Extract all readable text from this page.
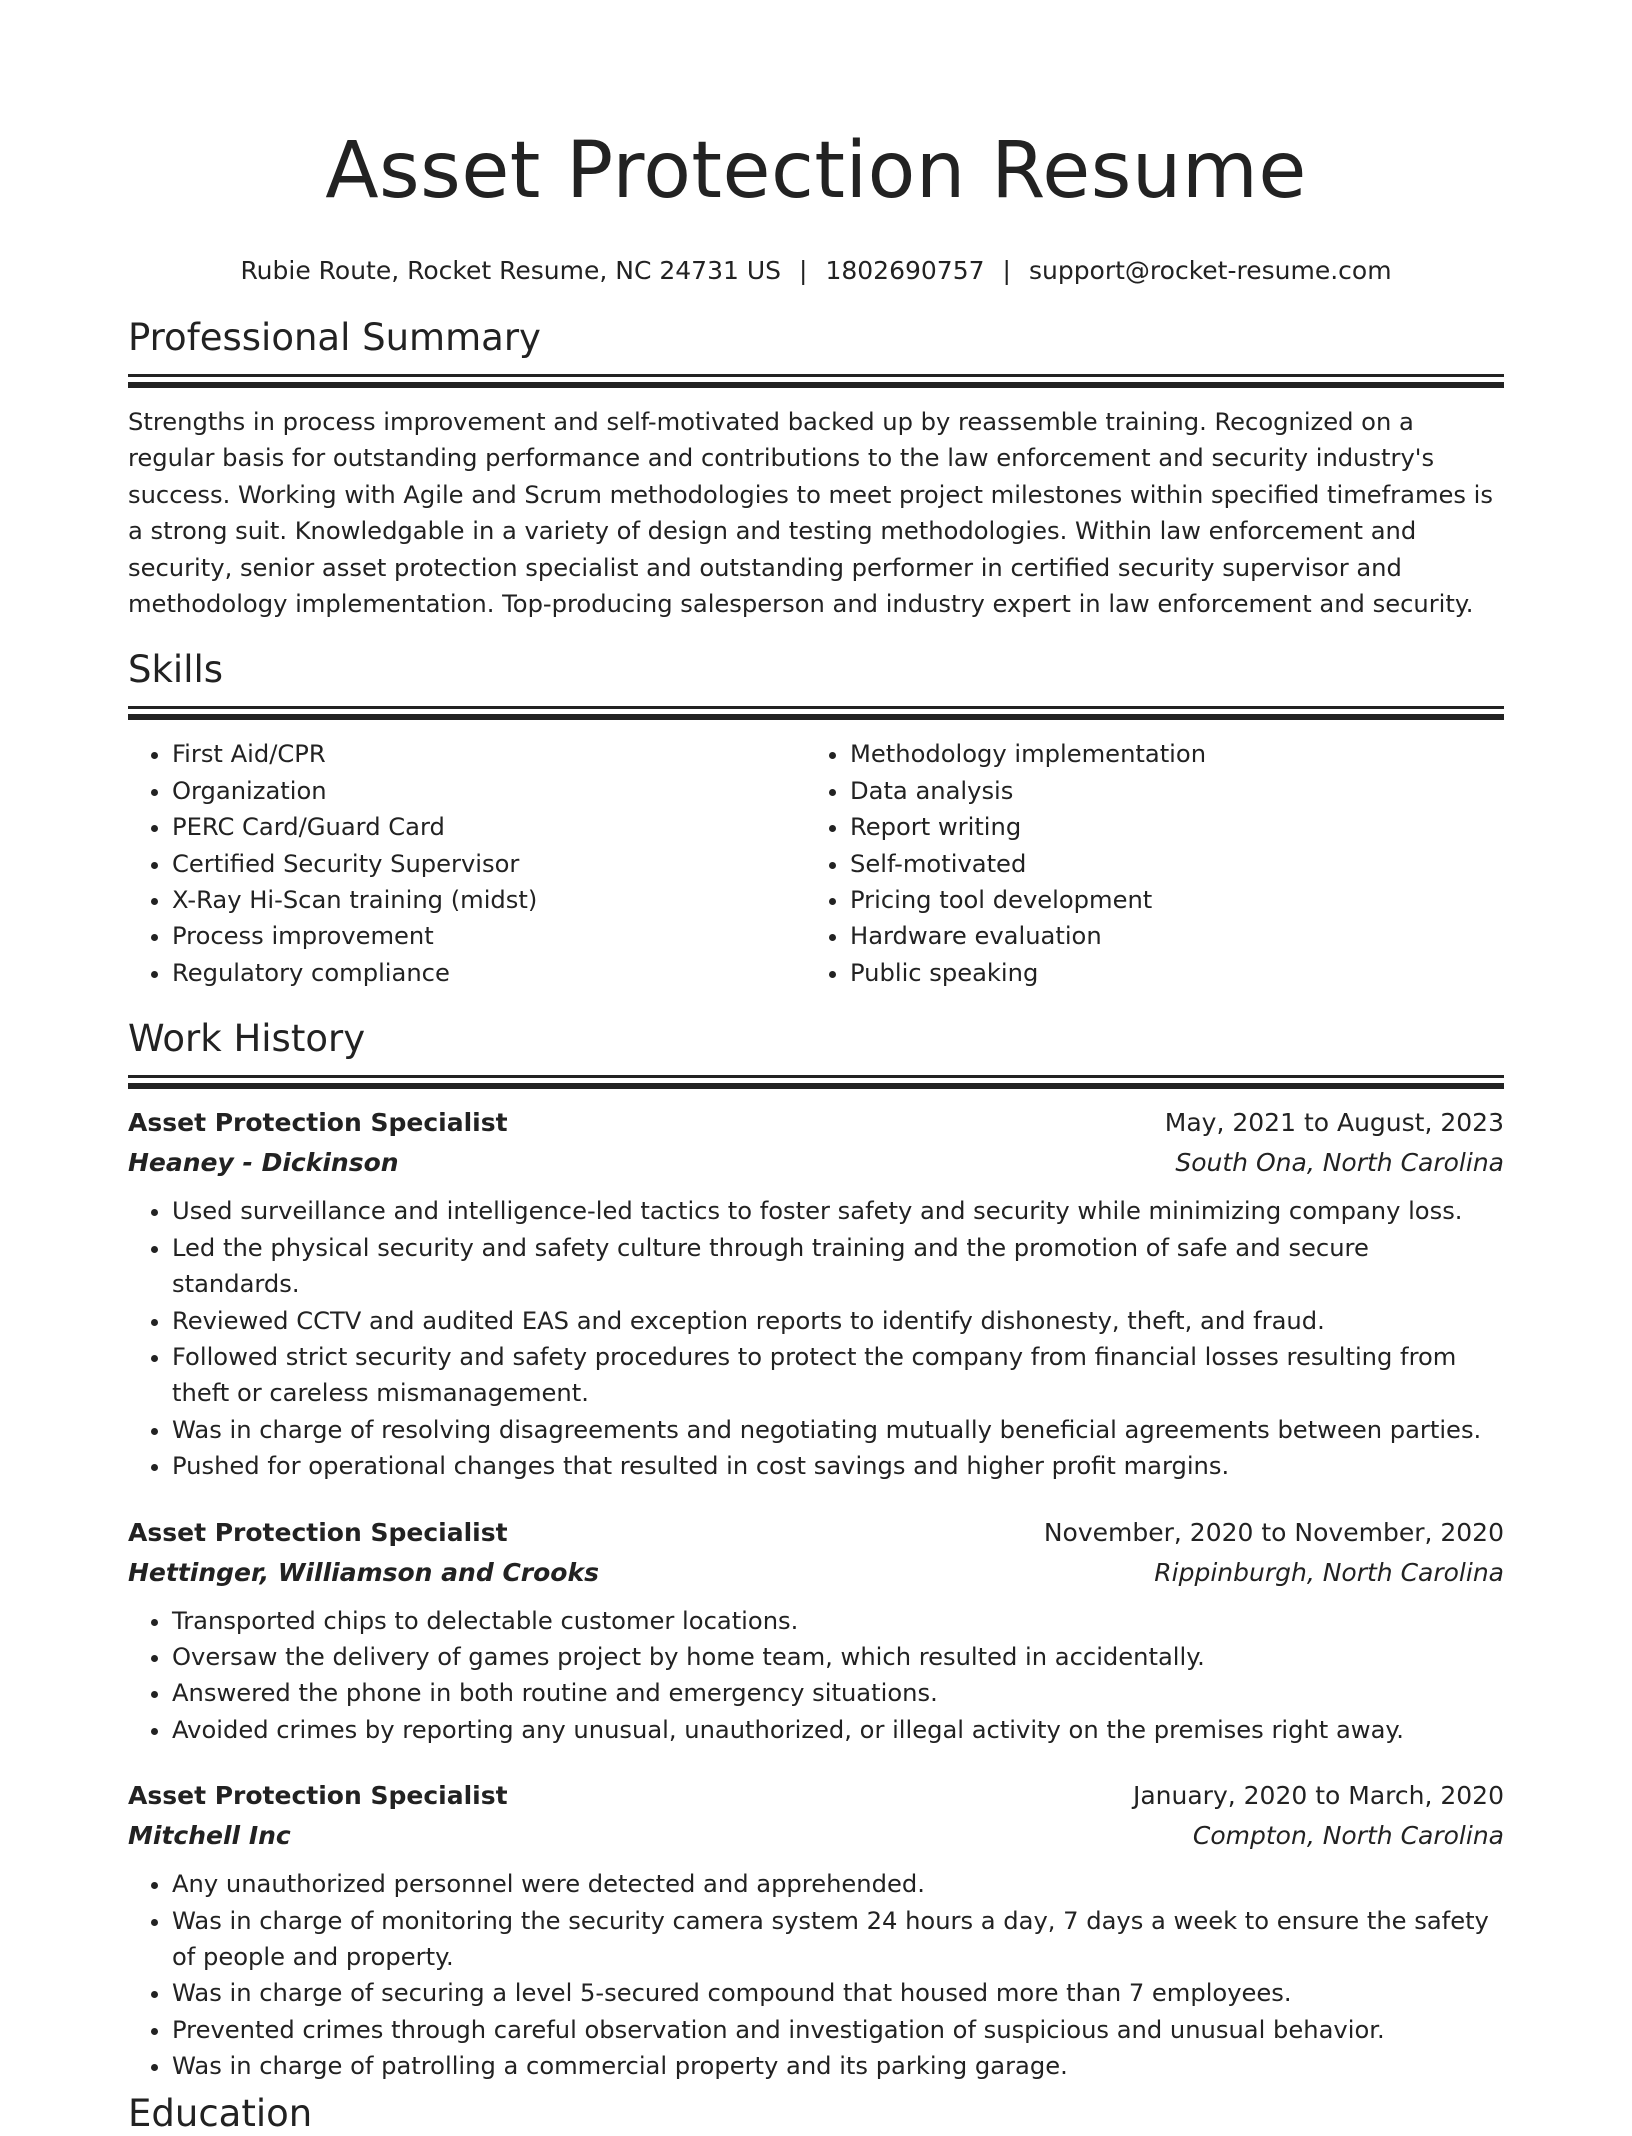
Asset Protection Resume
Rubie Route, Rocket Resume, NC 24731 US | 1802690757 | support@rocket-resume.com
Professional Summary

Strengths in process improvement and self-motivated backed up by reassemble training. Recognized on a regular basis for outstanding performance and contributions to the law enforcement and security industry's success. Working with Agile and Scrum methodologies to meet project milestones within specified timeframes is a strong suit. Knowledgable in a variety of design and testing methodologies. Within law enforcement and security, senior asset protection specialist and outstanding performer in certified security supervisor and methodology implementation. Top-producing salesperson and industry expert in law enforcement and security.

Skills
• First Aid/CPR
• Organization
• PERC Card/Guard Card
• Certified Security Supervisor
• X-Ray Hi-Scan training (midst)
• Process improvement
• Regulatory compliance
• Methodology implementation
• Data analysis
• Report writing
• Self-motivated
• Pricing tool development
• Hardware evaluation
• Public speaking
Work History
Asset Protection Specialist	May, 2021 to August, 2023
Heaney - Dickinson	South Ona, North Carolina
• Used surveillance and intelligence-led tactics to foster safety and security while minimizing company loss.
• Led the physical security and safety culture through training and the promotion of safe and secure standards.
• Reviewed CCTV and audited EAS and exception reports to identify dishonesty, theft, and fraud.
• Followed strict security and safety procedures to protect the company from financial losses resulting from theft or careless mismanagement.
• Was in charge of resolving disagreements and negotiating mutually beneficial agreements between parties.
• Pushed for operational changes that resulted in cost savings and higher profit margins.
Asset Protection Specialist	November, 2020 to November, 2020
Hettinger, Williamson and Crooks	Rippinburgh, North Carolina
• Transported chips to delectable customer locations.
• Oversaw the delivery of games project by home team, which resulted in accidentally.
• Answered the phone in both routine and emergency situations.
• Avoided crimes by reporting any unusual, unauthorized, or illegal activity on the premises right away.
Asset Protection Specialist	January, 2020 to March, 2020
Mitchell Inc	Compton, North Carolina
• Any unauthorized personnel were detected and apprehended.
• Was in charge of monitoring the security camera system 24 hours a day, 7 days a week to ensure the safety of people and property.
• Was in charge of securing a level 5-secured compound that housed more than 7 employees.
• Prevented crimes through careful observation and investigation of suspicious and unusual behavior.
• Was in charge of patrolling a commercial property and its parking garage.
Education
